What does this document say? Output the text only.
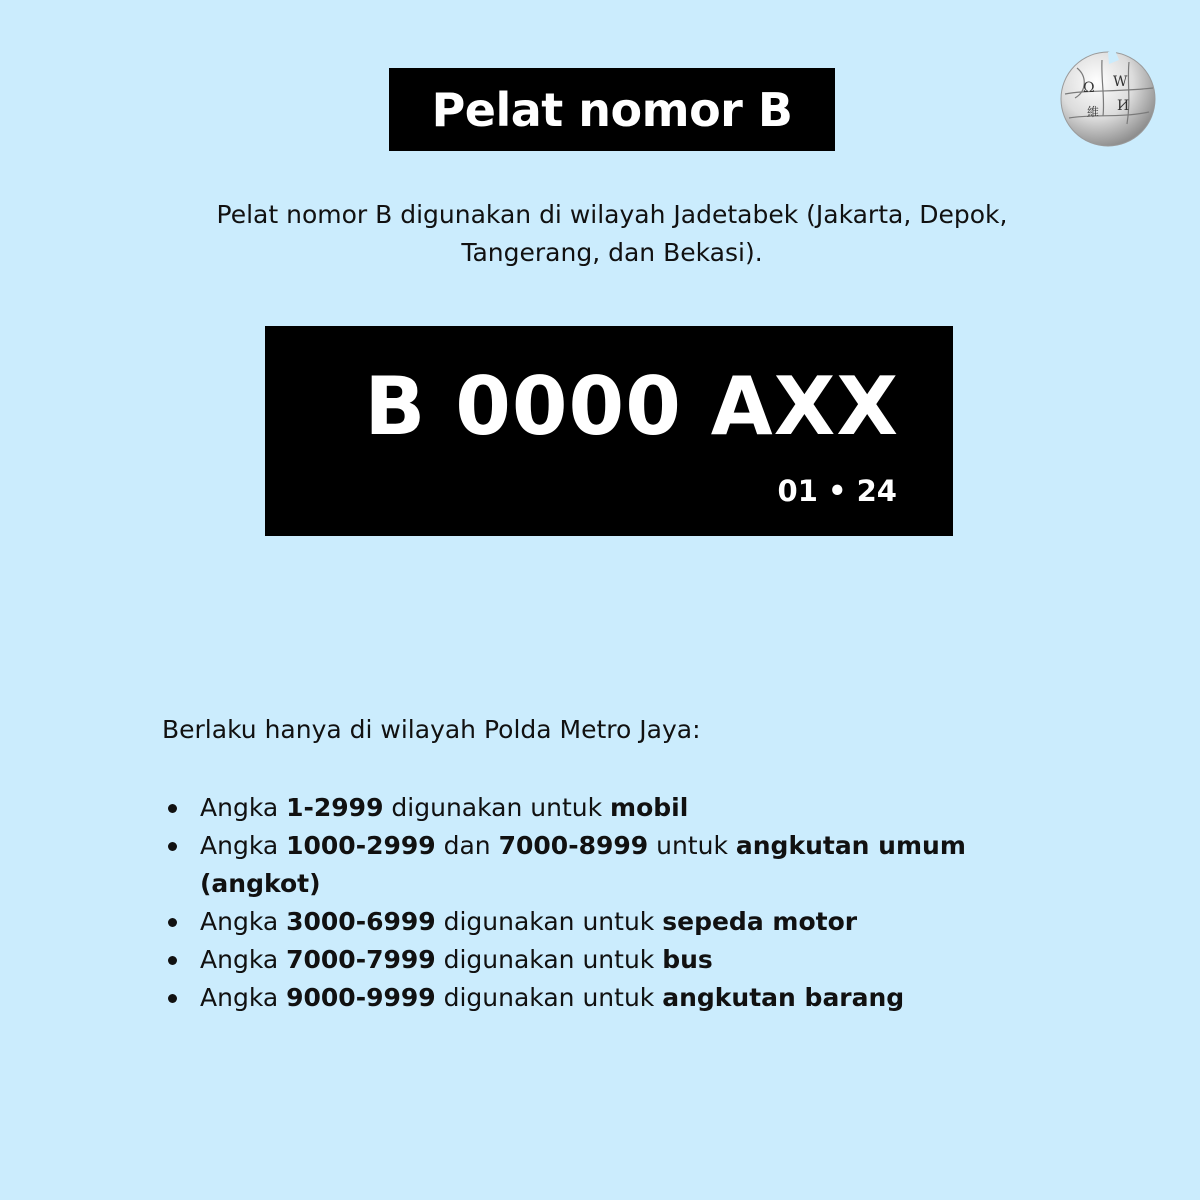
Pelat nomor B	Ω W
И
維
Pelat nomor B digunakan di wilayah Jadetabek (Jakarta, Depok, Tangerang, dan Bekasi).
B 0000 AXX
01 • 24
Berlaku hanya di wilayah Polda Metro Jaya:
Angka 1-2999 digunakan untuk mobil
Angka 1000-2999 dan 7000-8999 untuk angkutan umum (angkot)
Angka 3000-6999 digunakan untuk sepeda motor
Angka 7000-7999 digunakan untuk bus
Angka 9000-9999 digunakan untuk angkutan barang
